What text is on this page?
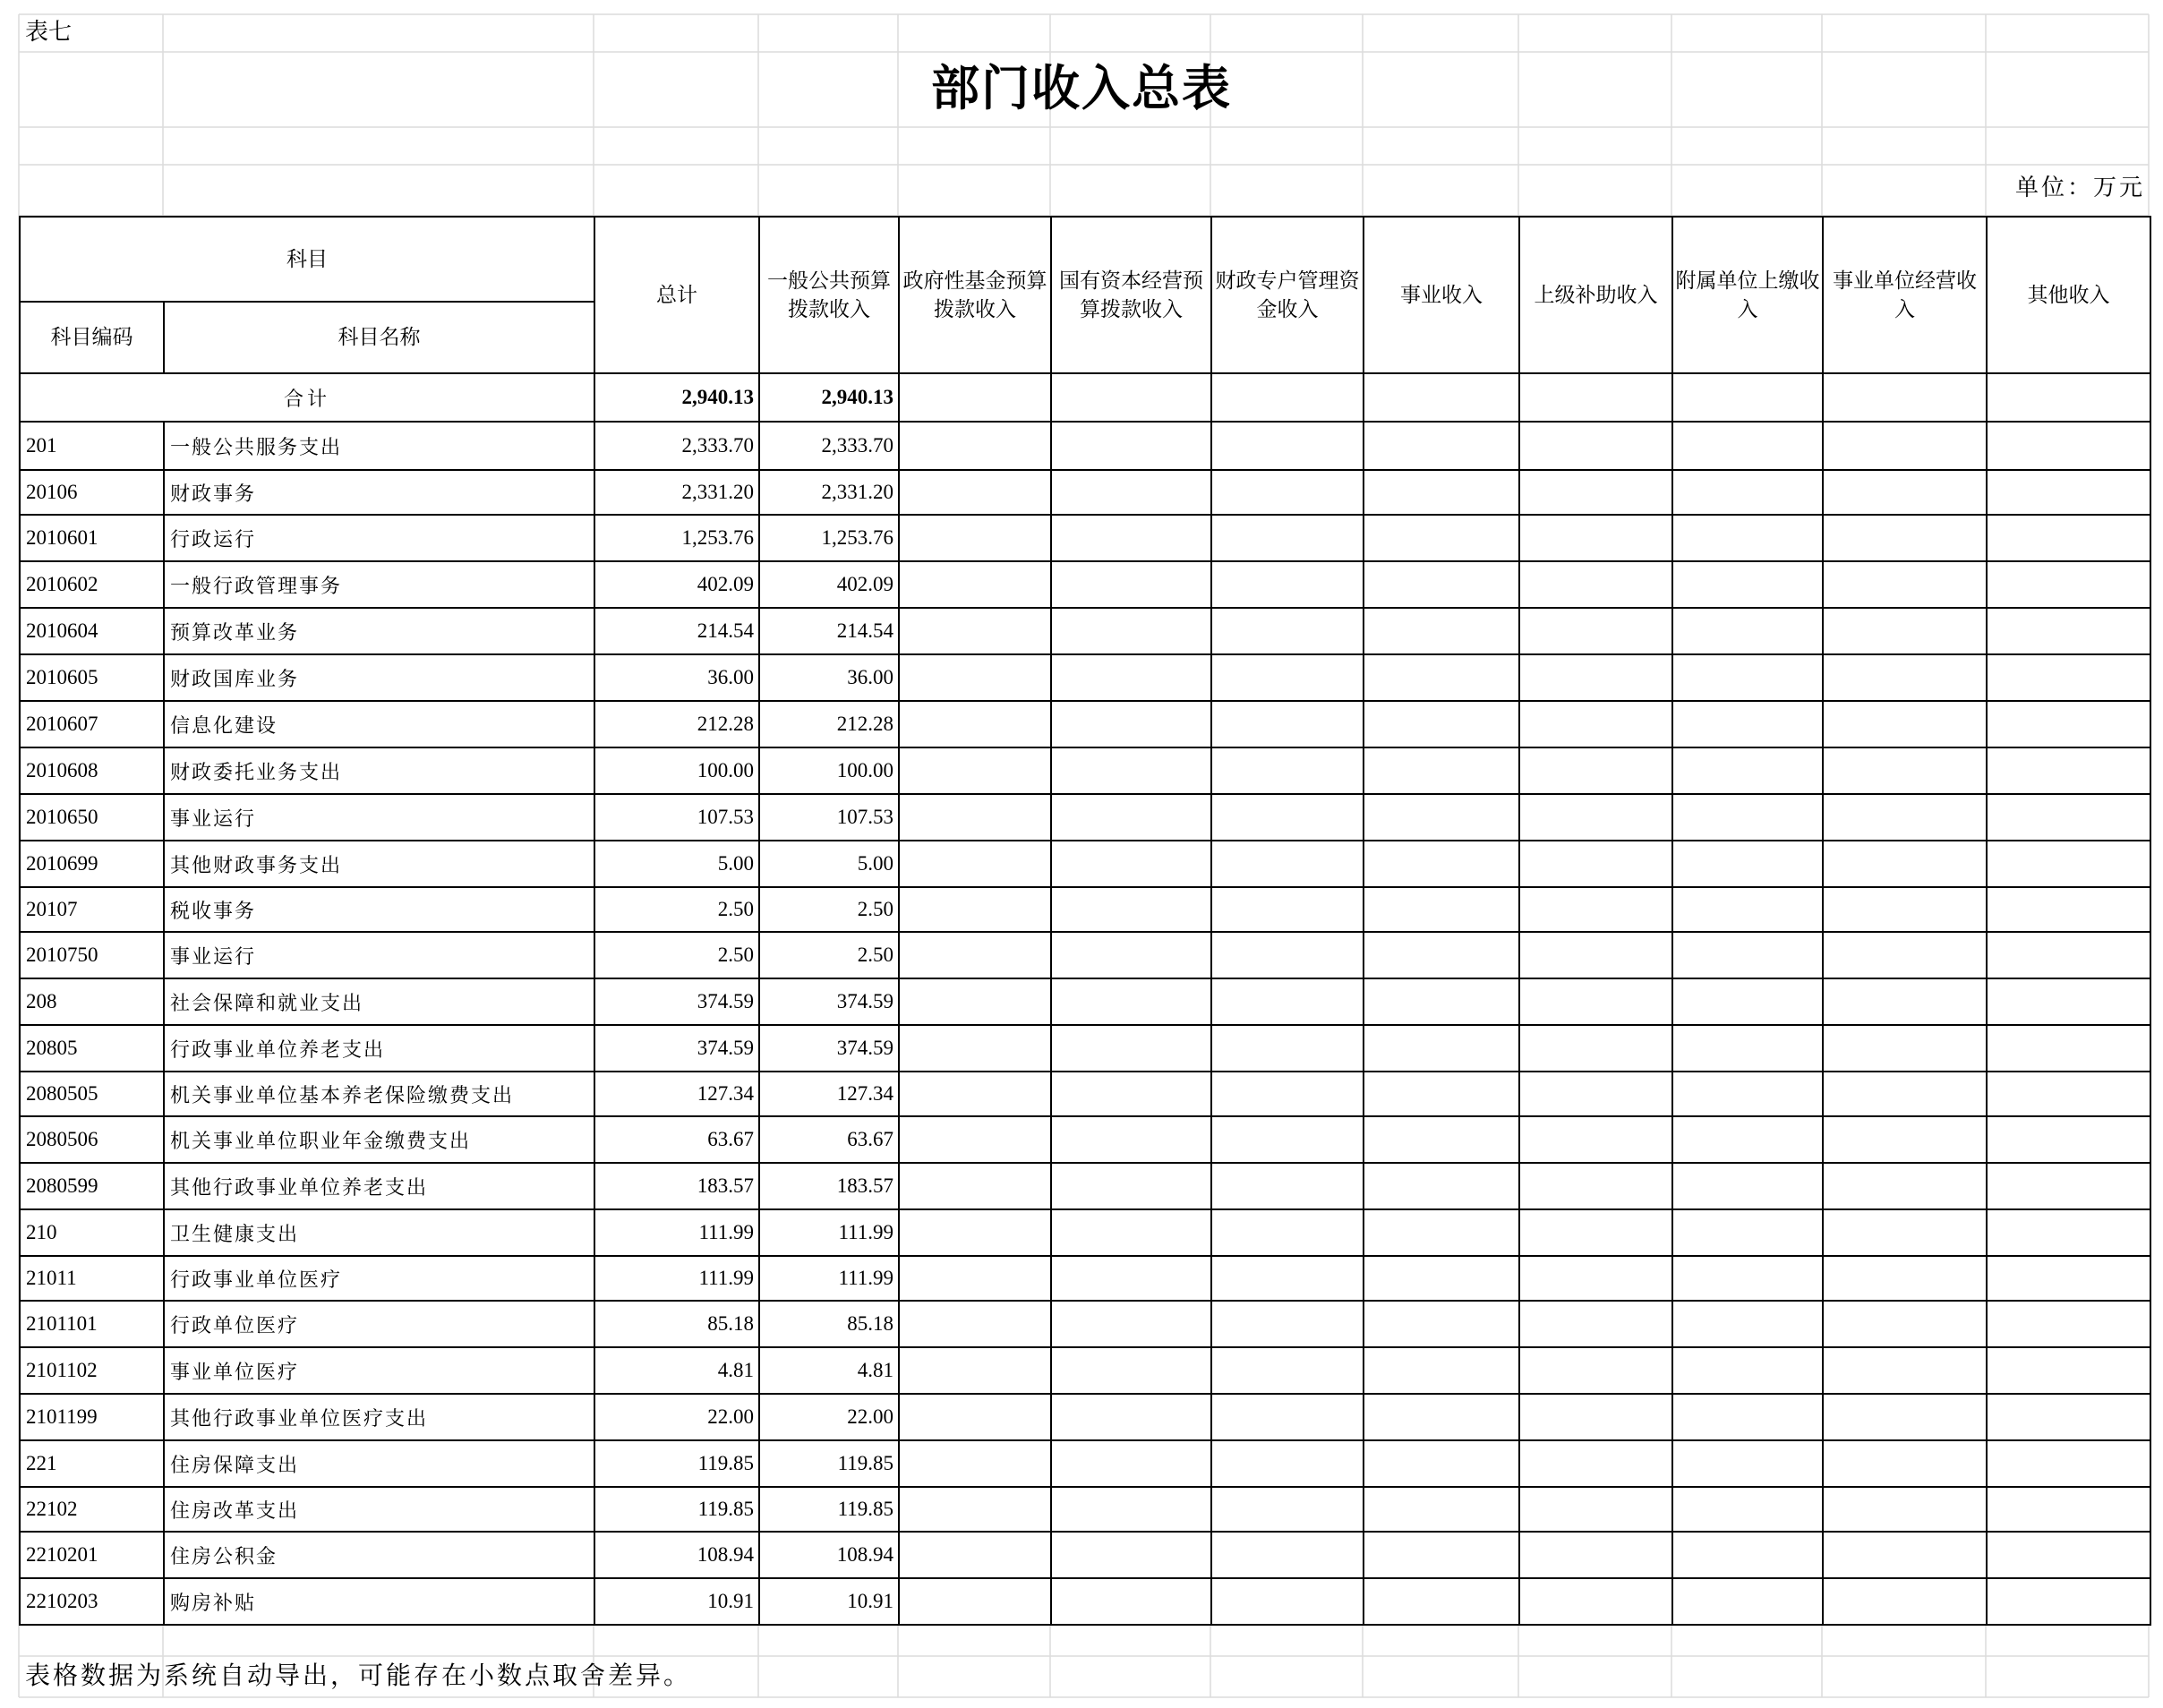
表七
部门收入总表
单位：万元
科目		总计	一般公共预算拨款收入	政府性基金预算拨款收入	国有资本经营预算拨款收入	财政专户管理资金收入	事业收入	上级补助收入	附属单位上缴收入	事业单位经营收入	其他收入
科目编码	科目名称										
合计		2,940.13	2,940.13								
201	一般公共服务支出	2,333.70	2,333.70								
20106	财政事务	2,331.20	2,331.20								
2010601	行政运行	1,253.76	1,253.76								
2010602	一般行政管理事务	402.09	402.09								
2010604	预算改革业务	214.54	214.54								
2010605	财政国库业务	36.00	36.00								
2010607	信息化建设	212.28	212.28								
2010608	财政委托业务支出	100.00	100.00								
2010650	事业运行	107.53	107.53								
2010699	其他财政事务支出	5.00	5.00								
20107	税收事务	2.50	2.50								
2010750	事业运行	2.50	2.50								
208	社会保障和就业支出	374.59	374.59								
20805	行政事业单位养老支出	374.59	374.59								
2080505	机关事业单位基本养老保险缴费支出	127.34	127.34								
2080506	机关事业单位职业年金缴费支出	63.67	63.67								
2080599	其他行政事业单位养老支出	183.57	183.57								
210	卫生健康支出	111.99	111.99								
21011	行政事业单位医疗	111.99	111.99								
2101101	行政单位医疗	85.18	85.18								
2101102	事业单位医疗	4.81	4.81								
2101199	其他行政事业单位医疗支出	22.00	22.00								
221	住房保障支出	119.85	119.85								
22102	住房改革支出	119.85	119.85								
2210201	住房公积金	108.94	108.94								
2210203	购房补贴	10.91	10.91								
表格数据为系统自动导出，可能存在小数点取舍差异。
